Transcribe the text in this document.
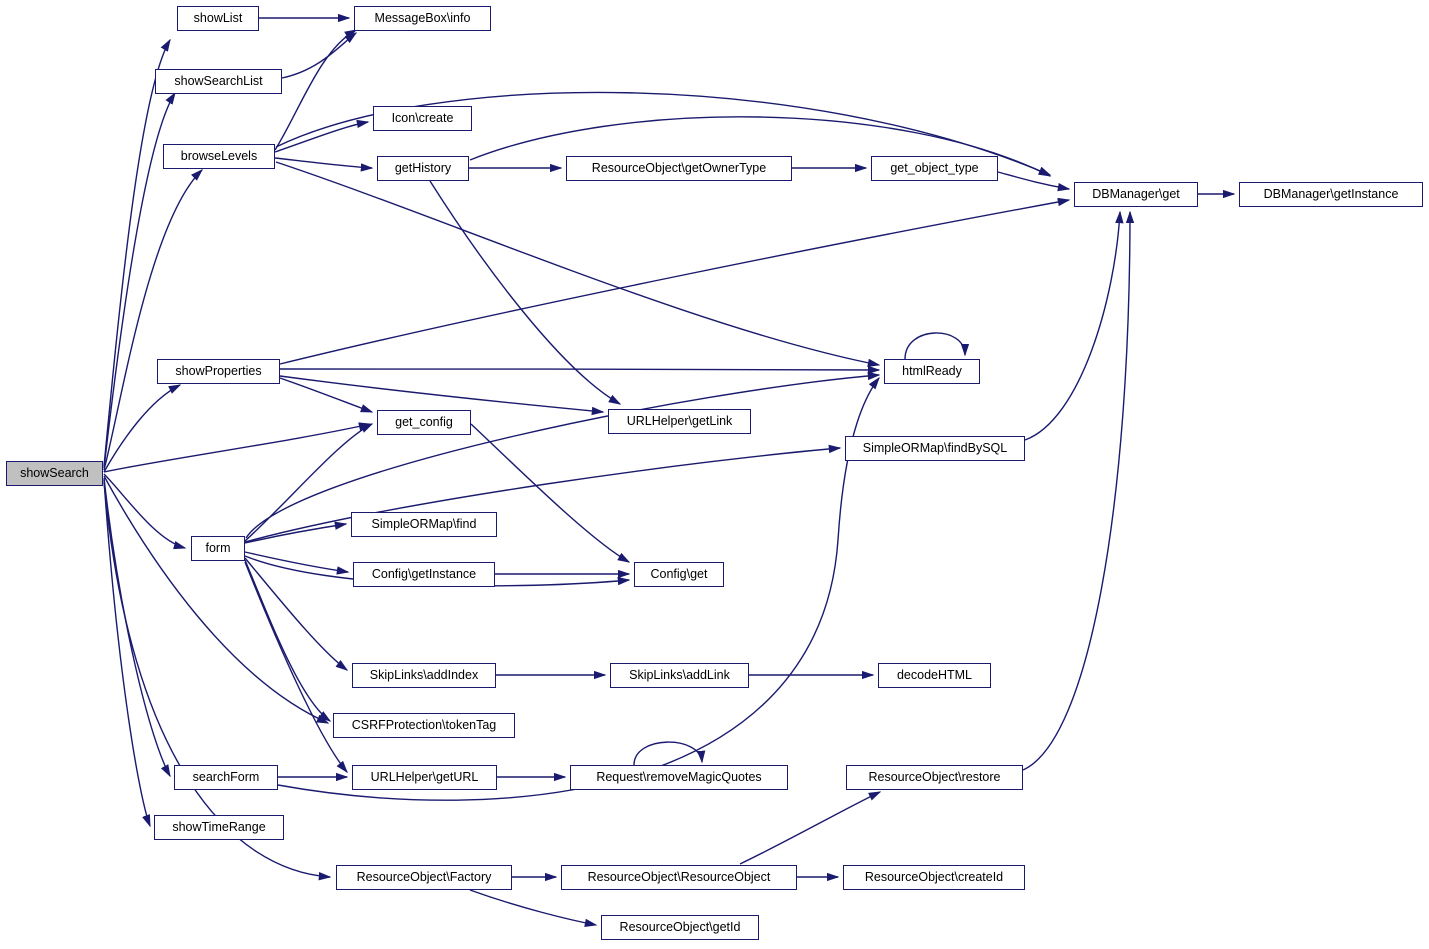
showSearch
showList	MessageBox\info
showSearchList
Icon\create
browseLevels
getHistory	ResourceObject\getOwnerType	get_object_type
DBManager\get	DBManager\getInstance
htmlReady
showProperties
URLHelper\getLink
get_config
SimpleORMap\findBySQL
SimpleORMap\find
form
Config\get
Config\getInstance
SkipLinks\addIndex	SkipLinks\addLink	decodeHTML
CSRFProtection\tokenTag
Request\removeMagicQuotes	ResourceObject\restore
searchForm	URLHelper\getURL
showTimeRange
ResourceObject\Factory	ResourceObject\ResourceObject	ResourceObject\createId
ResourceObject\getId
